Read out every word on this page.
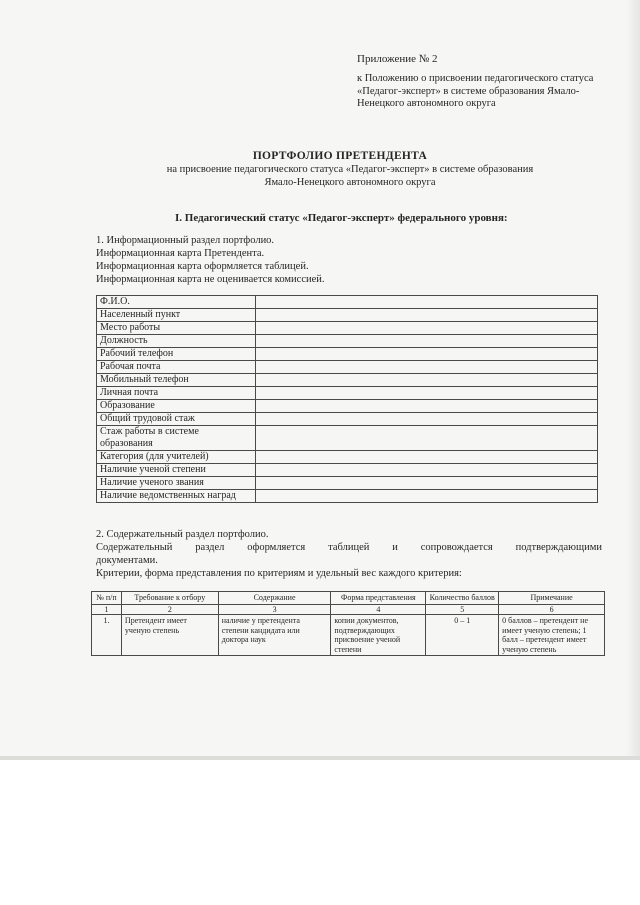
Приложение № 2
к Положению о присвоении педагогического статуса «Педагог-эксперт» в системе образования Ямало-Ненецкого автономного округа
ПОРТФОЛИО ПРЕТЕНДЕНТА
на присвоение педагогического статуса «Педагог-эксперт» в системе образования
Ямало-Ненецкого автономного округа
I. Педагогический статус «Педагог-эксперт» федерального уровня:
1. Информационный раздел портфолио.
Информационная карта Претендента.
Информационная карта оформляется таблицей.
Информационная карта не оценивается комиссией.
Ф.И.О.	
Населенный пункт	
Место работы	
Должность	
Рабочий телефон	
Рабочая почта	
Мобильный телефон	
Личная почта	
Образование	
Общий трудовой стаж	
Стаж работы в системе образования	
Категория (для учителей)	
Наличие ученой степени	
Наличие ученого звания	
Наличие ведомственных наград	
2. Содержательный раздел портфолио.
Содержательный раздел оформляется таблицей и сопровождается подтверждающими
документами.
Критерии, форма представления по критериям и удельный вес каждого критерия:
№ п/п	Требование к отбору	Содержание	Форма представления	Количество баллов	Примечание
1	2	3	4	5	6
1.	Претендент имеет ученую степень	наличие у претендента степени кандидата или доктора наук	копии документов, подтверждающих присвоение ученой степени	0 – 1	0 баллов – претендент не имеет ученую степень; 1 балл – претендент имеет ученую степень
